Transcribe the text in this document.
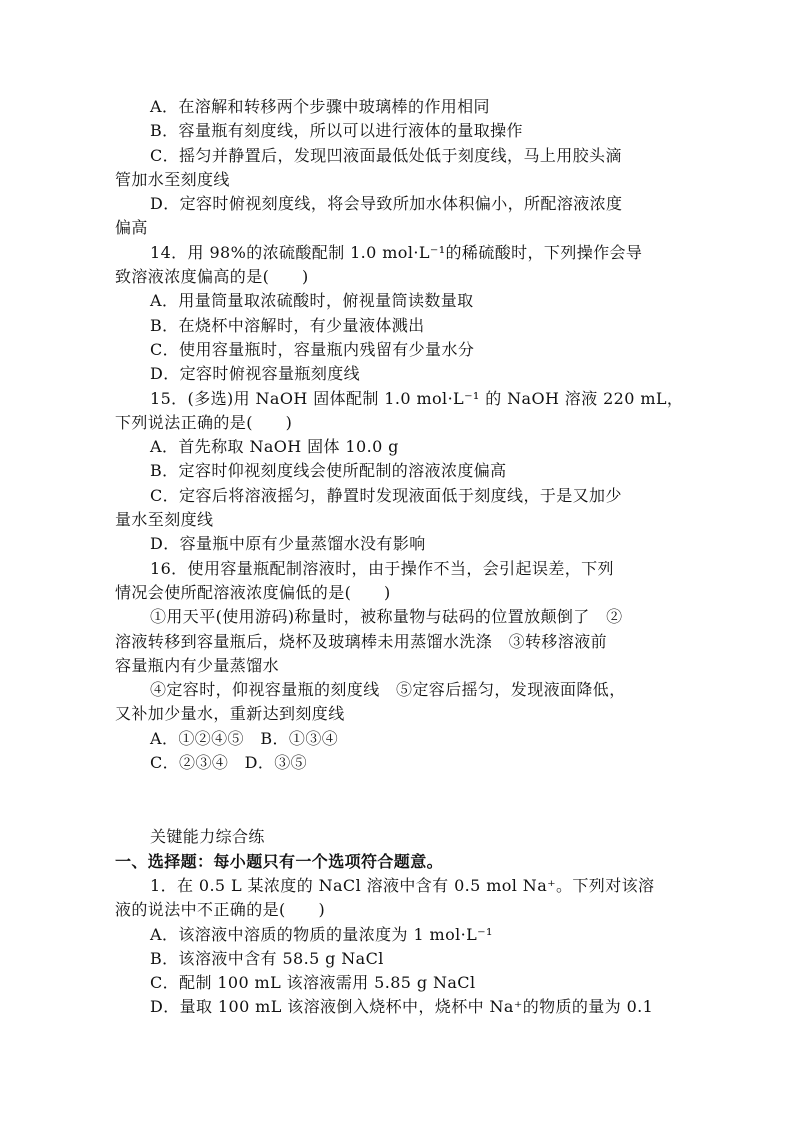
A．在溶解和转移两个步骤中玻璃棒的作用相同
B．容量瓶有刻度线，所以可以进行液体的量取操作
C．摇匀并静置后，发现凹液面最低处低于刻度线，马上用胶头滴
管加水至刻度线
D．定容时俯视刻度线，将会导致所加水体积偏小，所配溶液浓度
偏高
14．用 98%的浓硫酸配制 1.0 mol·L⁻¹的稀硫酸时，下列操作会导
致溶液浓度偏高的是(　　)
A．用量筒量取浓硫酸时，俯视量筒读数量取
B．在烧杯中溶解时，有少量液体溅出
C．使用容量瓶时，容量瓶内残留有少量水分
D．定容时俯视容量瓶刻度线
15．(多选)用 NaOH 固体配制 1.0 mol·L⁻¹ 的 NaOH 溶液 220 mL，
下列说法正确的是(　　)
A．首先称取 NaOH 固体 10.0 g
B．定容时仰视刻度线会使所配制的溶液浓度偏高
C．定容后将溶液摇匀，静置时发现液面低于刻度线，于是又加少
量水至刻度线
D．容量瓶中原有少量蒸馏水没有影响
16．使用容量瓶配制溶液时，由于操作不当，会引起误差，下列
情况会使所配溶液浓度偏低的是(　　)
①用天平(使用游码)称量时，被称量物与砝码的位置放颠倒了　②
溶液转移到容量瓶后，烧杯及玻璃棒未用蒸馏水洗涤　③转移溶液前
容量瓶内有少量蒸馏水
④定容时，仰视容量瓶的刻度线　⑤定容后摇匀，发现液面降低，
又补加少量水，重新达到刻度线
A．①②④⑤　B．①③④
C．②③④　D．③⑤
关键能力综合练
一、选择题：每小题只有一个选项符合题意。
1．在 0.5 L 某浓度的 NaCl 溶液中含有 0.5 mol Na⁺。下列对该溶
液的说法中不正确的是(　　)
A．该溶液中溶质的物质的量浓度为 1 mol·L⁻¹
B．该溶液中含有 58.5 g NaCl
C．配制 100 mL 该溶液需用 5.85 g NaCl
D．量取 100 mL 该溶液倒入烧杯中，烧杯中 Na⁺的物质的量为 0.1
